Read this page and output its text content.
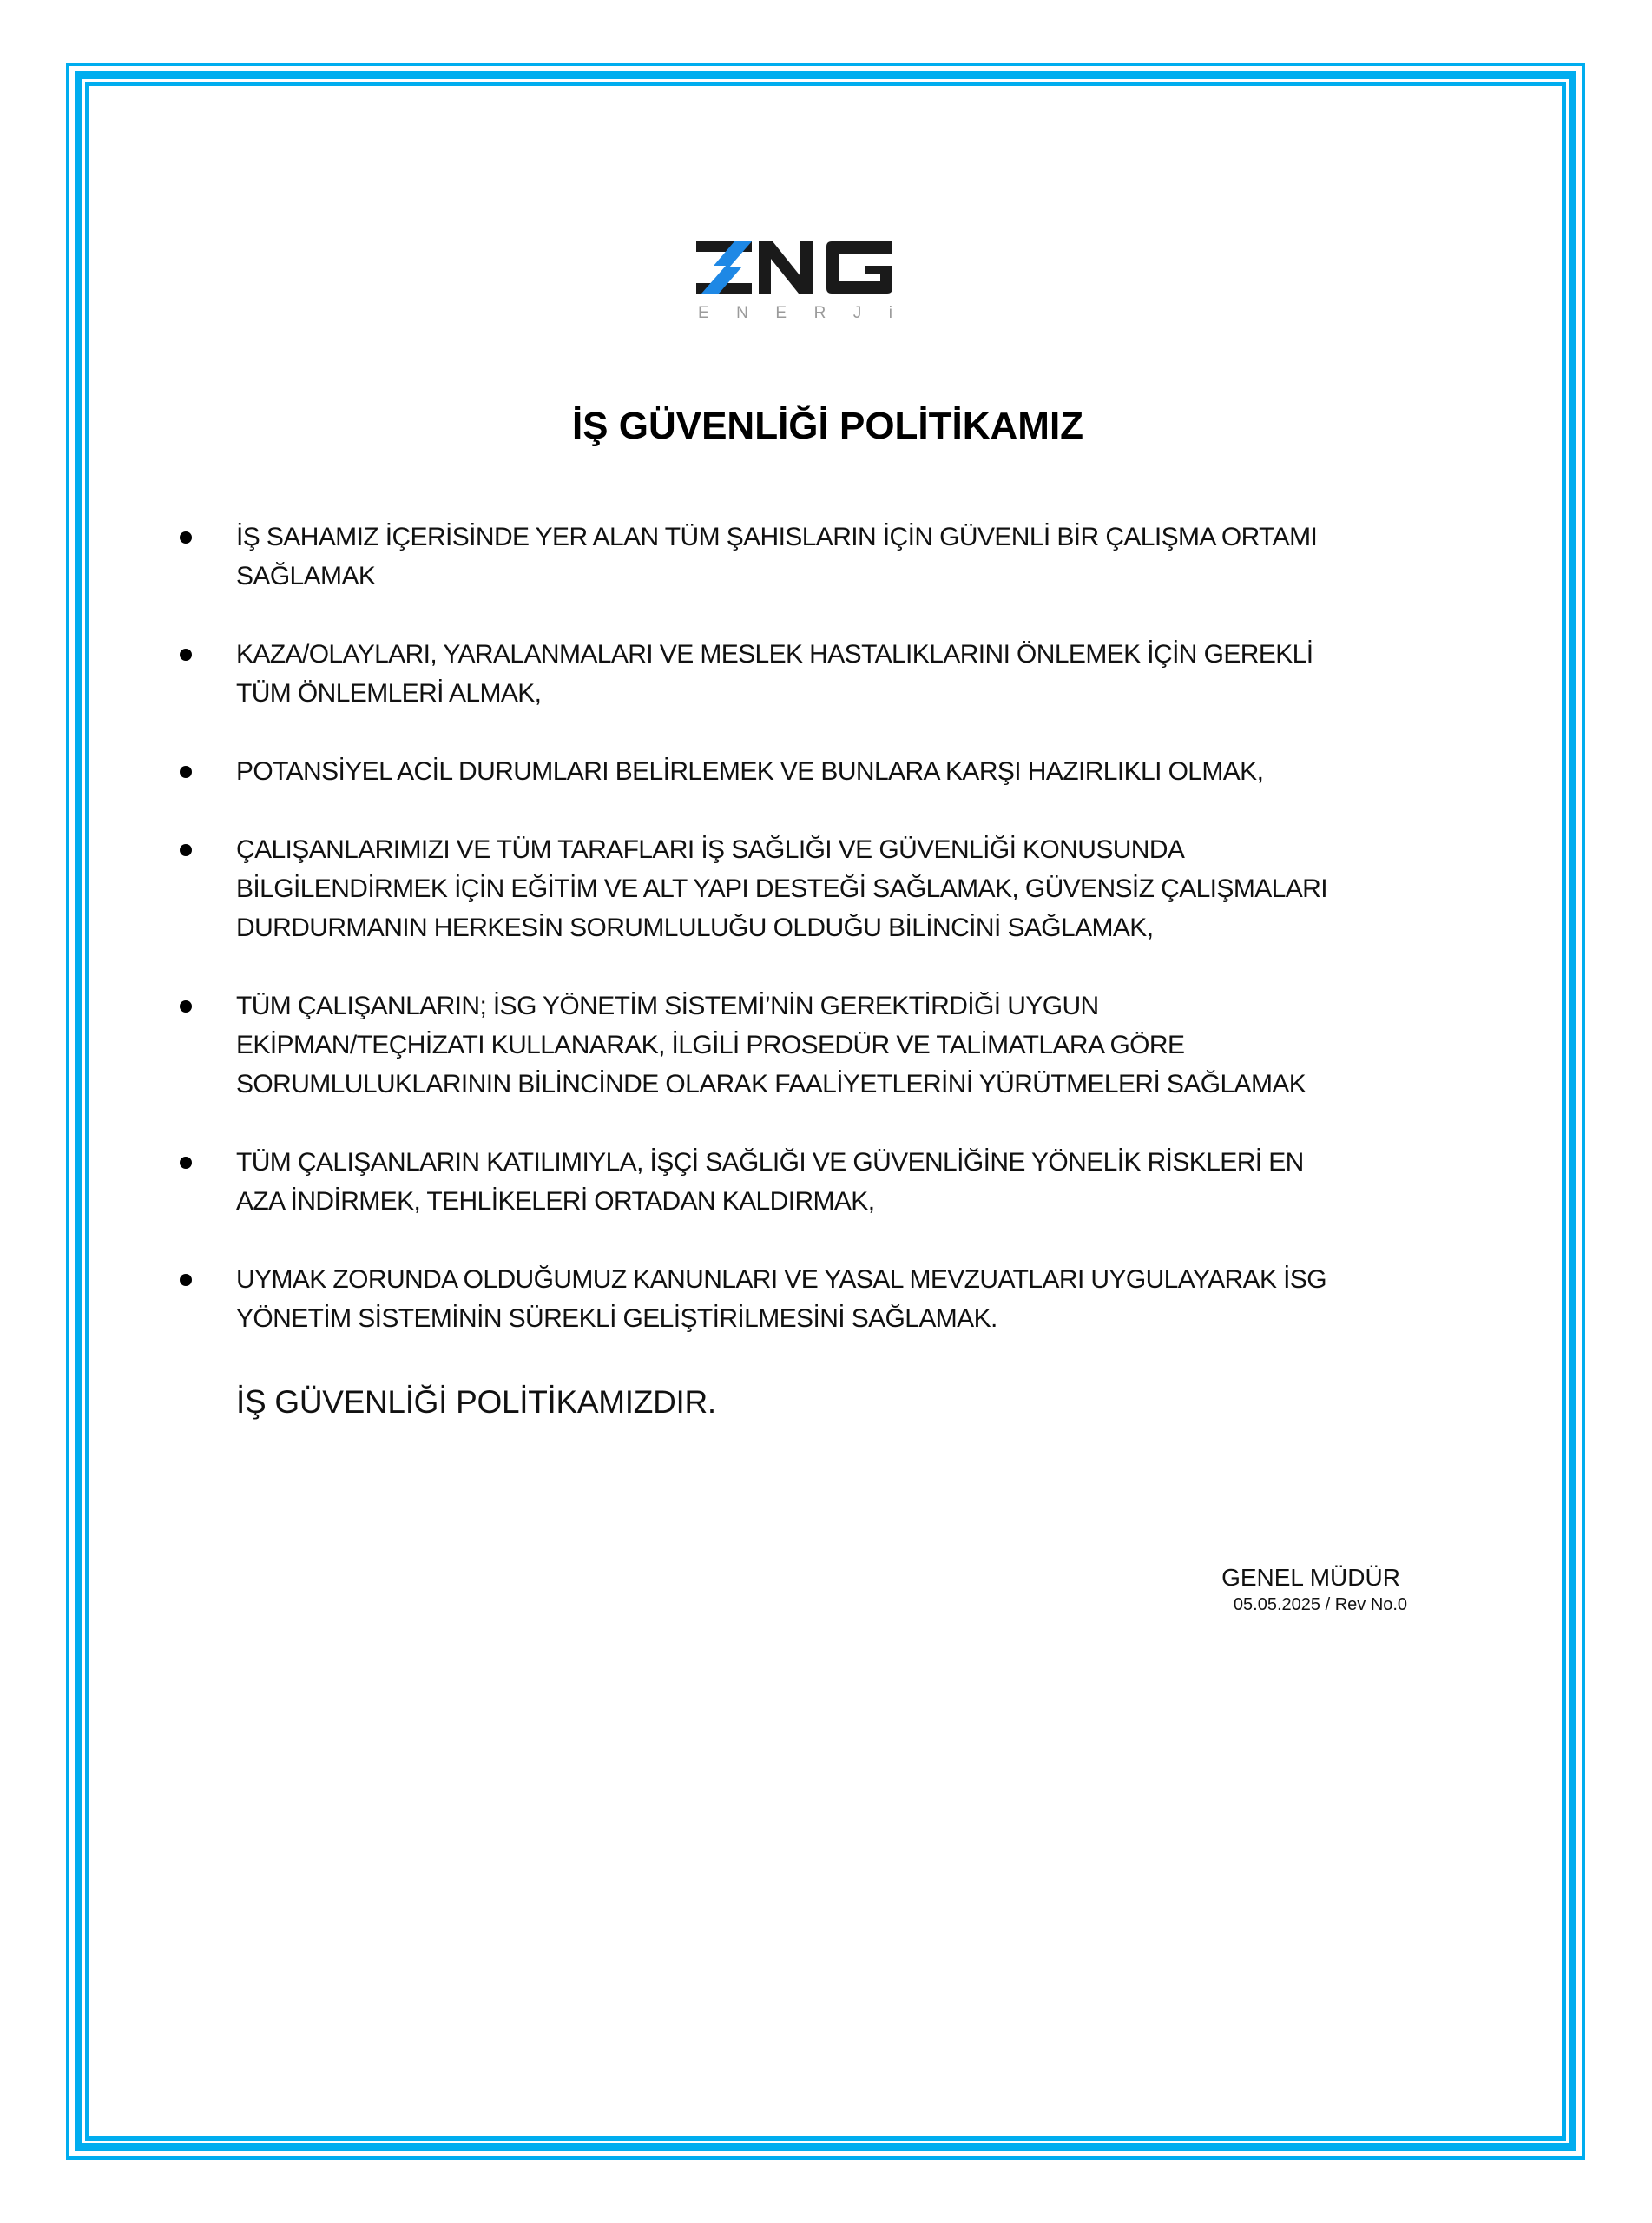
E N E R J i
İŞ GÜVENLİĞİ POLİTİKAMIZ
İŞ SAHAMIZ İÇERİSİNDE YER ALAN TÜM ŞAHISLARIN İÇİN GÜVENLİ BİR ÇALIŞMA ORTAMI
SAĞLAMAK
KAZA/OLAYLARI, YARALANMALARI VE MESLEK HASTALIKLARINI ÖNLEMEK İÇİN GEREKLİ
TÜM ÖNLEMLERİ ALMAK,
POTANSİYEL ACİL DURUMLARI BELİRLEMEK VE BUNLARA KARŞI HAZIRLIKLI OLMAK,
ÇALIŞANLARIMIZI VE TÜM TARAFLARI İŞ SAĞLIĞI VE GÜVENLİĞİ KONUSUNDA
BİLGİLENDİRMEK İÇİN EĞİTİM VE ALT YAPI DESTEĞİ SAĞLAMAK, GÜVENSİZ ÇALIŞMALARI
DURDURMANIN HERKESİN SORUMLULUĞU OLDUĞU BİLİNCİNİ SAĞLAMAK,
TÜM ÇALIŞANLARIN; İSG YÖNETİM SİSTEMİ’NİN GEREKTİRDİĞİ UYGUN
EKİPMAN/TEÇHİZATI KULLANARAK, İLGİLİ PROSEDÜR VE TALİMATLARA GÖRE
SORUMLULUKLARININ BİLİNCİNDE OLARAK FAALİYETLERİNİ YÜRÜTMELERİ SAĞLAMAK
TÜM ÇALIŞANLARIN KATILIMIYLA, İŞÇİ SAĞLIĞI VE GÜVENLİĞİNE YÖNELİK RİSKLERİ EN
AZA İNDİRMEK, TEHLİKELERİ ORTADAN KALDIRMAK,
UYMAK ZORUNDA OLDUĞUMUZ KANUNLARI VE YASAL MEVZUATLARI UYGULAYARAK İSG
YÖNETİM SİSTEMİNİN SÜREKLİ GELİŞTİRİLMESİNİ SAĞLAMAK.

İŞ GÜVENLİĞİ POLİTİKAMIZDIR.

GENEL MÜDÜR
05.05.2025 / Rev No.0
